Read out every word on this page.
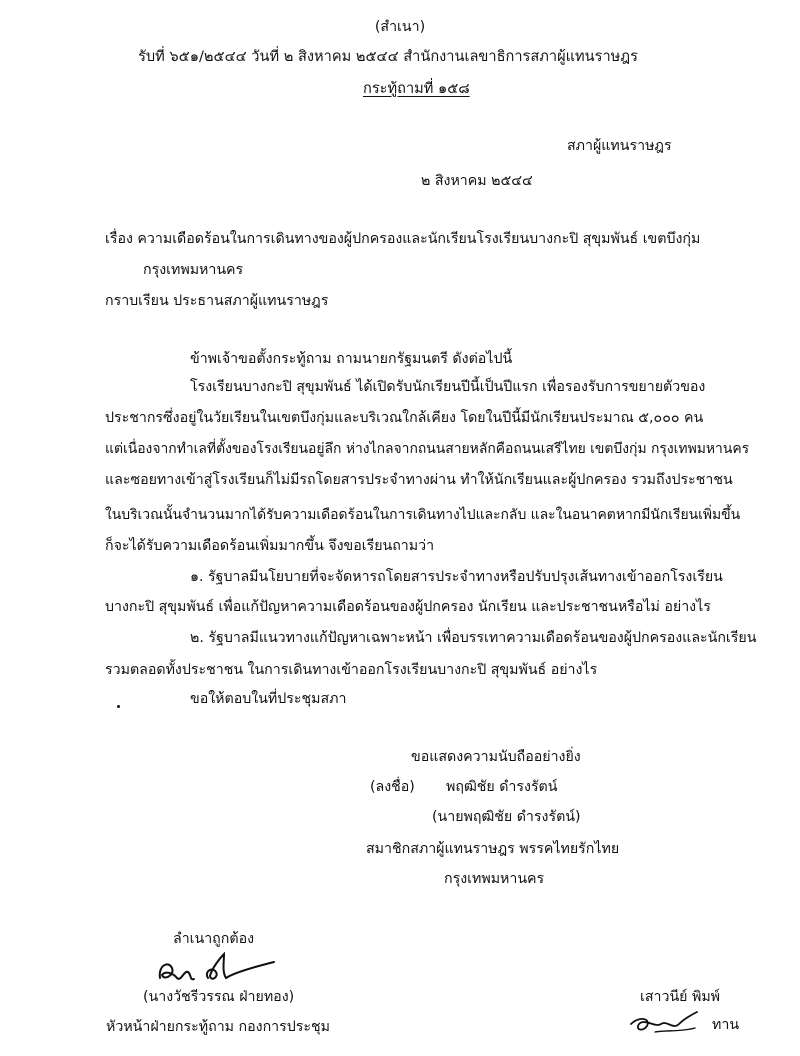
(สำเนา)
รับที่ ๖๕๑/๒๕๔๔ วันที่ ๒ สิงหาคม ๒๕๔๔ สำนักงานเลขาธิการสภาผู้แทนราษฎร
กระทู้ถามที่ ๑๕๘
สภาผู้แทนราษฎร
๒ สิงหาคม ๒๕๔๔
เรื่อง ความเดือดร้อนในการเดินทางของผู้ปกครองและนักเรียนโรงเรียนบางกะปิ สุขุมพันธ์ เขตบึงกุ่ม
กรุงเทพมหานคร
กราบเรียน ประธานสภาผู้แทนราษฎร
ข้าพเจ้าขอตั้งกระทู้ถาม ถามนายกรัฐมนตรี ดังต่อไปนี้
โรงเรียนบางกะปิ สุขุมพันธ์ ได้เปิดรับนักเรียนปีนี้เป็นปีแรก เพื่อรองรับการขยายตัวของ
ประชากรซึ่งอยู่ในวัยเรียนในเขตบึงกุ่มและบริเวณใกล้เคียง โดยในปีนี้มีนักเรียนประมาณ ๕,๐๐๐ คน
แต่เนื่องจากทำเลที่ตั้งของโรงเรียนอยู่ลึก ห่างไกลจากถนนสายหลักคือถนนเสรีไทย เขตบึงกุ่ม กรุงเทพมหานคร
และซอยทางเข้าสู่โรงเรียนก็ไม่มีรถโดยสารประจำทางผ่าน ทำให้นักเรียนและผู้ปกครอง รวมถึงประชาชน
ในบริเวณนั้นจำนวนมากได้รับความเดือดร้อนในการเดินทางไปและกลับ และในอนาคตหากมีนักเรียนเพิ่มขึ้น
ก็จะได้รับความเดือดร้อนเพิ่มมากขึ้น จึงขอเรียนถามว่า
๑. รัฐบาลมีนโยบายที่จะจัดหารถโดยสารประจำทางหรือปรับปรุงเส้นทางเข้าออกโรงเรียน
บางกะปิ สุขุมพันธ์ เพื่อแก้ปัญหาความเดือดร้อนของผู้ปกครอง นักเรียน และประชาชนหรือไม่ อย่างไร
๒. รัฐบาลมีแนวทางแก้ปัญหาเฉพาะหน้า เพื่อบรรเทาความเดือดร้อนของผู้ปกครองและนักเรียน
รวมตลอดทั้งประชาชน ในการเดินทางเข้าออกโรงเรียนบางกะปิ สุขุมพันธ์ อย่างไร
ขอให้ตอบในที่ประชุมสภา
ขอแสดงความนับถืออย่างยิ่ง
(ลงชื่อ) พฤฒิชัย ดำรงรัตน์
(นายพฤฒิชัย ดำรงรัตน์)
สมาชิกสภาผู้แทนราษฎร พรรคไทยรักไทย
กรุงเทพมหานคร
ลำเนาถูกต้อง
(นางวัชรีวรรณ ฝ่ายทอง)
หัวหน้าฝ่ายกระทู้ถาม กองการประชุม
เสาวนีย์ พิมพ์
ทาน
